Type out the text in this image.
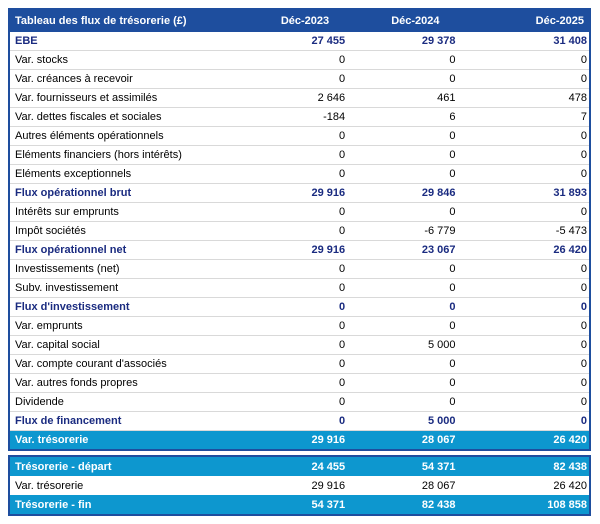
Tableau des flux de trésorerie (£)	Déc-2023	Déc-2024	Déc-2025
EBE	27 455	29 378	31 408
Var. stocks	0	0	0
Var. créances à recevoir	0	0	0
Var. fournisseurs et assimilés	2 646	461	478
Var. dettes fiscales et sociales	-184	6	7
Autres éléments opérationnels	0	0	0
Eléments financiers (hors intérêts)	0	0	0
Eléments exceptionnels	0	0	0
Flux opérationnel brut	29 916	29 846	31 893
Intérêts sur emprunts	0	0	0
Impôt sociétés	0	-6 779	-5 473
Flux opérationnel net	29 916	23 067	26 420
Investissements (net)	0	0	0
Subv. investissement	0	0	0
Flux d'investissement	0	0	0
Var. emprunts	0	0	0
Var. capital social	0	5 000	0
Var. compte courant d'associés	0	0	0
Var. autres fonds propres	0	0	0
Dividende	0	0	0
Flux de financement	0	5 000	0
Var. trésorerie	29 916	28 067	26 420
Trésorerie - départ	24 455	54 371	82 438
Var. trésorerie	29 916	28 067	26 420
Trésorerie - fin	54 371	82 438	108 858
